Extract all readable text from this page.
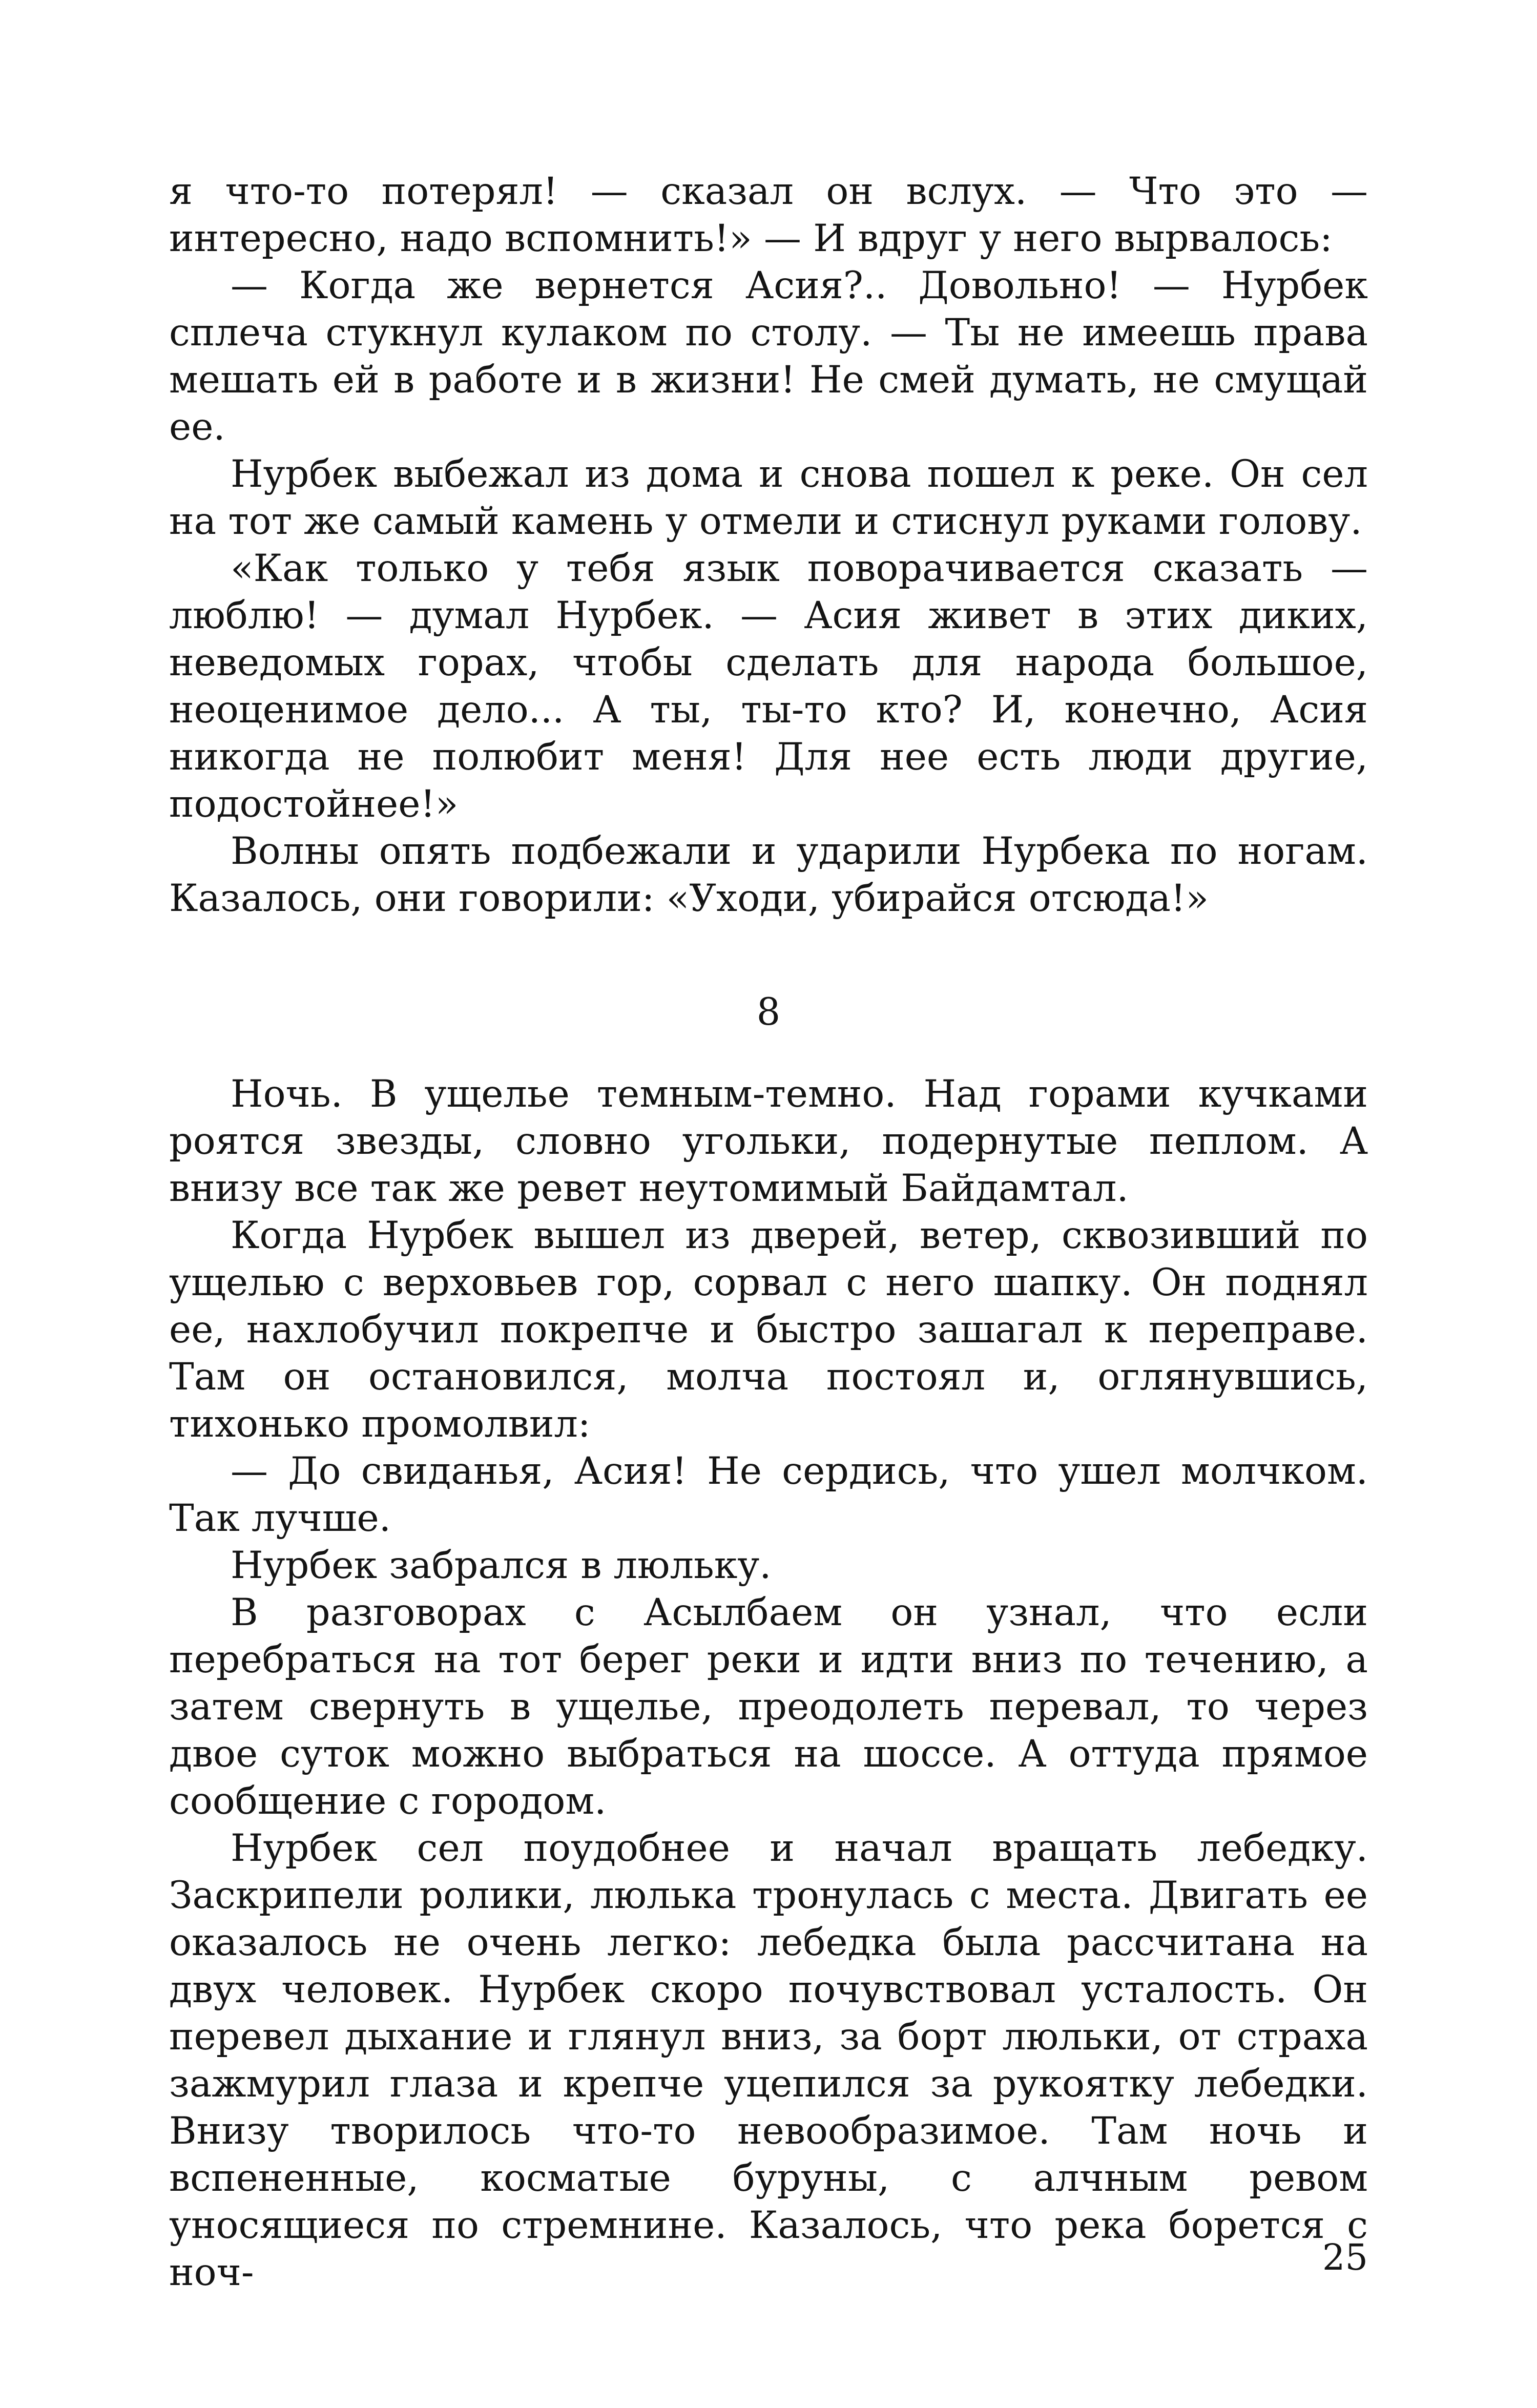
я что-то потерял! — сказал он вслух. — Что это — интересно, надо вспомнить!» — И вдруг у него вырвалось:

— Когда же вернется Асия?.. Довольно! — Нурбек сплеча стукнул кулаком по столу. — Ты не имеешь права мешать ей в работе и в жизни! Не смей думать, не смущай ее.

Нурбек выбежал из дома и снова пошел к реке. Он сел на тот же самый камень у отмели и стиснул руками голову.

«Как только у тебя язык поворачивается сказать — люблю! — думал Нурбек. — Асия живет в этих диких, неведомых горах, чтобы сделать для народа большое, неоценимое дело... А ты, ты-то кто? И, конечно, Асия никогда не полюбит меня! Для нее есть люди другие, подостойнее!»

Волны опять подбежали и ударили Нурбека по ногам. Казалось, они говорили: «Уходи, убирайся отсюда!»

8

Ночь. В ущелье темным-темно. Над горами кучками роятся звезды, словно угольки, подернутые пеплом. А внизу все так же ревет неутомимый Байдамтал.

Когда Нурбек вышел из дверей, ветер, сквозивший по ущелью с верховьев гор, сорвал с него шапку. Он поднял ее, нахлобучил покрепче и быстро зашагал к переправе. Там он остановился, молча постоял и, оглянувшись, тихонько промолвил:

— До свиданья, Асия! Не сердись, что ушел молчком. Так лучше.

Нурбек забрался в люльку.

В разговорах с Асылбаем он узнал, что если перебраться на тот берег реки и идти вниз по течению, а затем свернуть в ущелье, преодолеть перевал, то через двое суток можно выбраться на шоссе. А оттуда прямое сообщение с городом.

Нурбек сел поудобнее и начал вращать лебедку. Заскрипели ролики, люлька тронулась с места. Двигать ее оказалось не очень легко: лебедка была рассчитана на двух человек. Нурбек скоро почувствовал усталость. Он перевел дыхание и глянул вниз, за борт люльки, от страха зажмурил глаза и крепче уцепился за рукоятку лебедки. Внизу творилось что-то невообразимое. Там ночь и вспененные, косматые буруны, с алчным ревом уносящиеся по стремнине. Казалось, что река борется с ноч-	25
